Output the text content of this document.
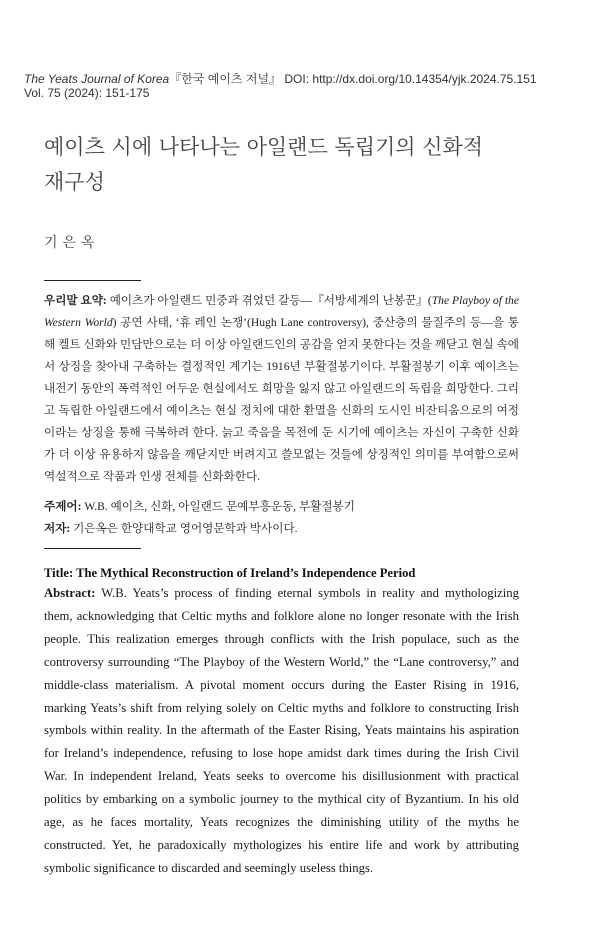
The Yeats Journal of Korea『한국 예이츠 저널』 DOI: http://dx.doi.org/10.14354/yjk.2024.75.151
Vol. 75 (2024): 151-175
예이츠 시에 나타나는 아일랜드 독립기의 신화적
재구성
기은옥
우리말 요약: 예이츠가 아일랜드 민중과 겪었던 갈등—『서방세계의 난봉꾼』(The Playboy of the Western World) 공연 사태, ‘휴 레인 논쟁’(Hugh Lane controversy), 중산층의 물질주의 등—을 통해 켈트 신화와 민담만으로는 더 이상 아일랜드인의 공감을 얻지 못한다는 것을 깨닫고 현실 속에서 상징을 찾아내 구축하는 결정적인 계기는 1916년 부활절봉기이다. 부활절봉기 이후 예이츠는 내전기 동안의 폭력적인 어두운 현실에서도 희망을 잃지 않고 아일랜드의 독립을 희망한다. 그리고 독립한 아일랜드에서 예이츠는 현실 정치에 대한 환멸을 신화의 도시인 비잔티움으로의 여정이라는 상징을 통해 극복하려 한다. 늙고 죽음을 목전에 둔 시기에 예이츠는 자신이 구축한 신화가 더 이상 유용하지 않음을 깨닫지만 버려지고 쓸모없는 것들에 상징적인 의미를 부여함으로써 역설적으로 작품과 인생 전체를 신화화한다.
주제어: W.B. 예이츠, 신화, 아일랜드 문예부흥운동, 부활절봉기
저자: 기은옥은 한양대학교 영어영문학과 박사이다.
Title: The Mythical Reconstruction of Ireland’s Independence Period
Abstract: W.B. Yeats’s process of finding eternal symbols in reality and mythologizing them, acknowledging that Celtic myths and folklore alone no longer resonate with the Irish people. This realization emerges through conflicts with the Irish populace, such as the controversy surrounding “The Playboy of the Western World,” the “Lane controversy,” and middle-class materialism. A pivotal moment occurs during the Easter Rising in 1916, marking Yeats’s shift from relying solely on Celtic myths and folklore to constructing Irish symbols within reality. In the aftermath of the Easter Rising, Yeats maintains his aspiration for Ireland’s independence, refusing to lose hope amidst dark times during the Irish Civil War. In independent Ireland, Yeats seeks to overcome his disillusionment with practical politics by embarking on a symbolic journey to the mythical city of Byzantium. In his old age, as he faces mortality, Yeats recognizes the diminishing utility of the myths he constructed. Yet, he paradoxically mythologizes his entire life and work by attributing symbolic significance to discarded and seemingly useless things.
